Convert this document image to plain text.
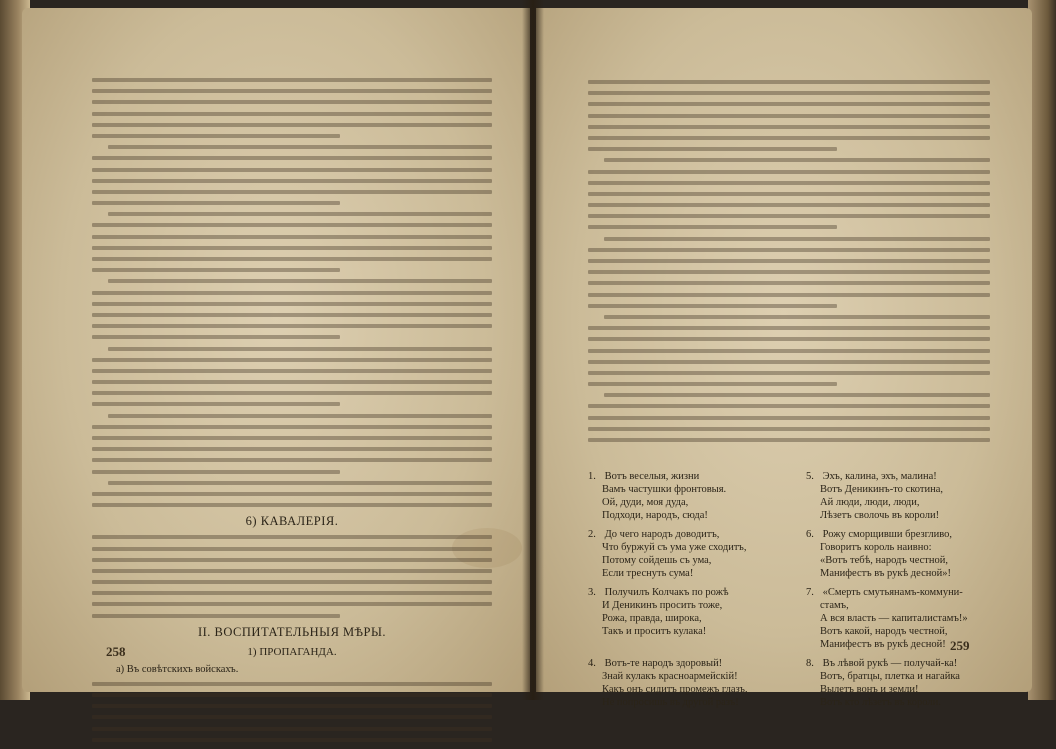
6) КАВАЛЕРІЯ.
II. ВОСПИТАТЕЛЬНЫЯ МѢРЫ.
1) ПРОПАГАНДА.
а) Въ совѣтскихъ войскахъ.
258
1. Вотъ веселыя, жизни
Вамъ частушки фронтовыя.
Ой, дуди, моя дуда,
Подходи, народъ, сюда!
5. Эхъ, калина, эхъ, малина!
Вотъ Деникинъ-то скотина,
Ай люди, люди, люди,
Лѣзетъ сволочь въ короли!
2. До чего народъ доводитъ,
Что буржуй съ ума уже сходитъ,
Потому сойдешь съ ума,
Если треснуть сума!
6. Рожу сморщивши брезгливо,
Говоритъ король наивно:
«Вотъ тебѣ, народъ честной,
Манифестъ въ рукѣ десной»!
3. Получилъ Колчакъ по рожѣ
И Деникинъ просить тоже,
Рожа, правда, широка,
Такъ и проситъ кулака!
7. «Смерть смутьянамъ-коммуни-
стамъ,
А вся власть — капиталистамъ!»
Вотъ какой, народъ честной,
Манифестъ въ рукѣ десной!
4. Вотъ-те народъ здоровый!
Знай кулакъ красноармейскій!
Какъ онъ сидитъ промежъ глазъ,
Не попросишь въ другой разъ!
8. Въ лѣвой рукѣ — получай-ка!
Вотъ, братцы, плетка и нагайка
Вылетъ вонъ и земли!
Вотъ кто лѣзетъ въ короли.
259
